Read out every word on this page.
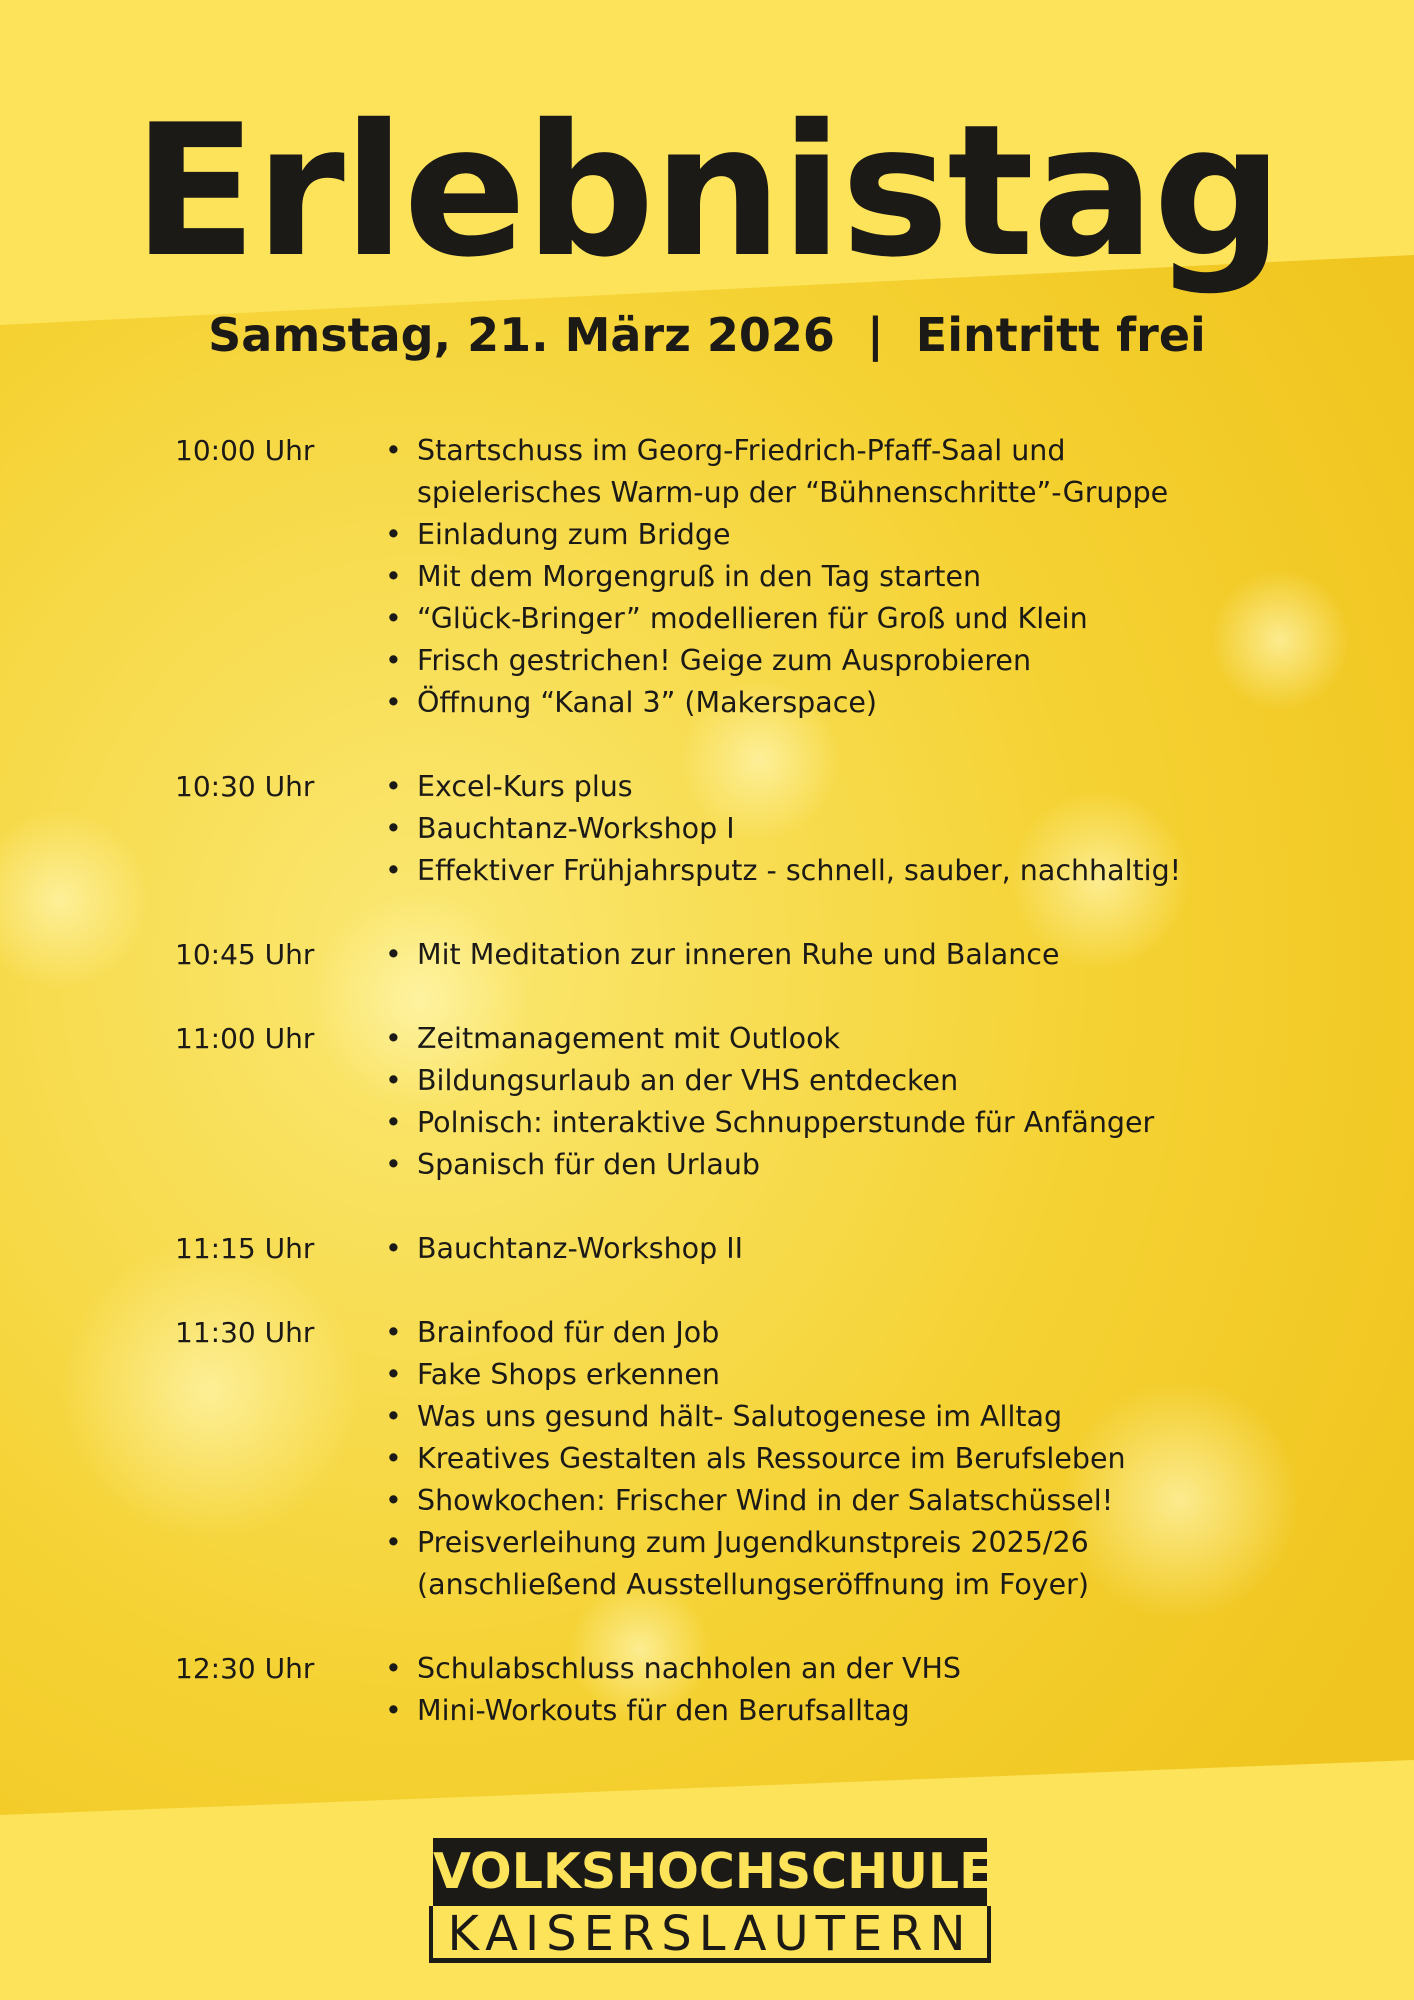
Erlebnistag
Samstag, 21. März 2026  |  Eintritt frei
10:00 Uhr	• Startschuss im Georg-Friedrich-Pfaff-Saal und
spielerisches Warm-up der “Bühnenschritte”-Gruppe
• Einladung zum Bridge
• Mit dem Morgengruß in den Tag starten
• “Glück-Bringer” modellieren für Groß und Klein
• Frisch gestrichen! Geige zum Ausprobieren
• Öffnung “Kanal 3” (Makerspace)
10:30 Uhr	• Excel-Kurs plus
• Bauchtanz-Workshop I
• Effektiver Frühjahrsputz - schnell, sauber, nachhaltig!
10:45 Uhr	• Mit Meditation zur inneren Ruhe und Balance
11:00 Uhr	• Zeitmanagement mit Outlook
• Bildungsurlaub an der VHS entdecken
• Polnisch: interaktive Schnupperstunde für Anfänger
• Spanisch für den Urlaub
11:15 Uhr	• Bauchtanz-Workshop II
11:30 Uhr	• Brainfood für den Job
• Fake Shops erkennen
• Was uns gesund hält- Salutogenese im Alltag
• Kreatives Gestalten als Ressource im Berufsleben
• Showkochen: Frischer Wind in der Salatschüssel!
• Preisverleihung zum Jugendkunstpreis 2025/26
(anschließend Ausstellungseröffnung im Foyer)
12:30 Uhr	• Schulabschluss nachholen an der VHS
• Mini-Workouts für den Berufsalltag
VOLKSHOCHSCHULE
KAISERSLAUTERN
